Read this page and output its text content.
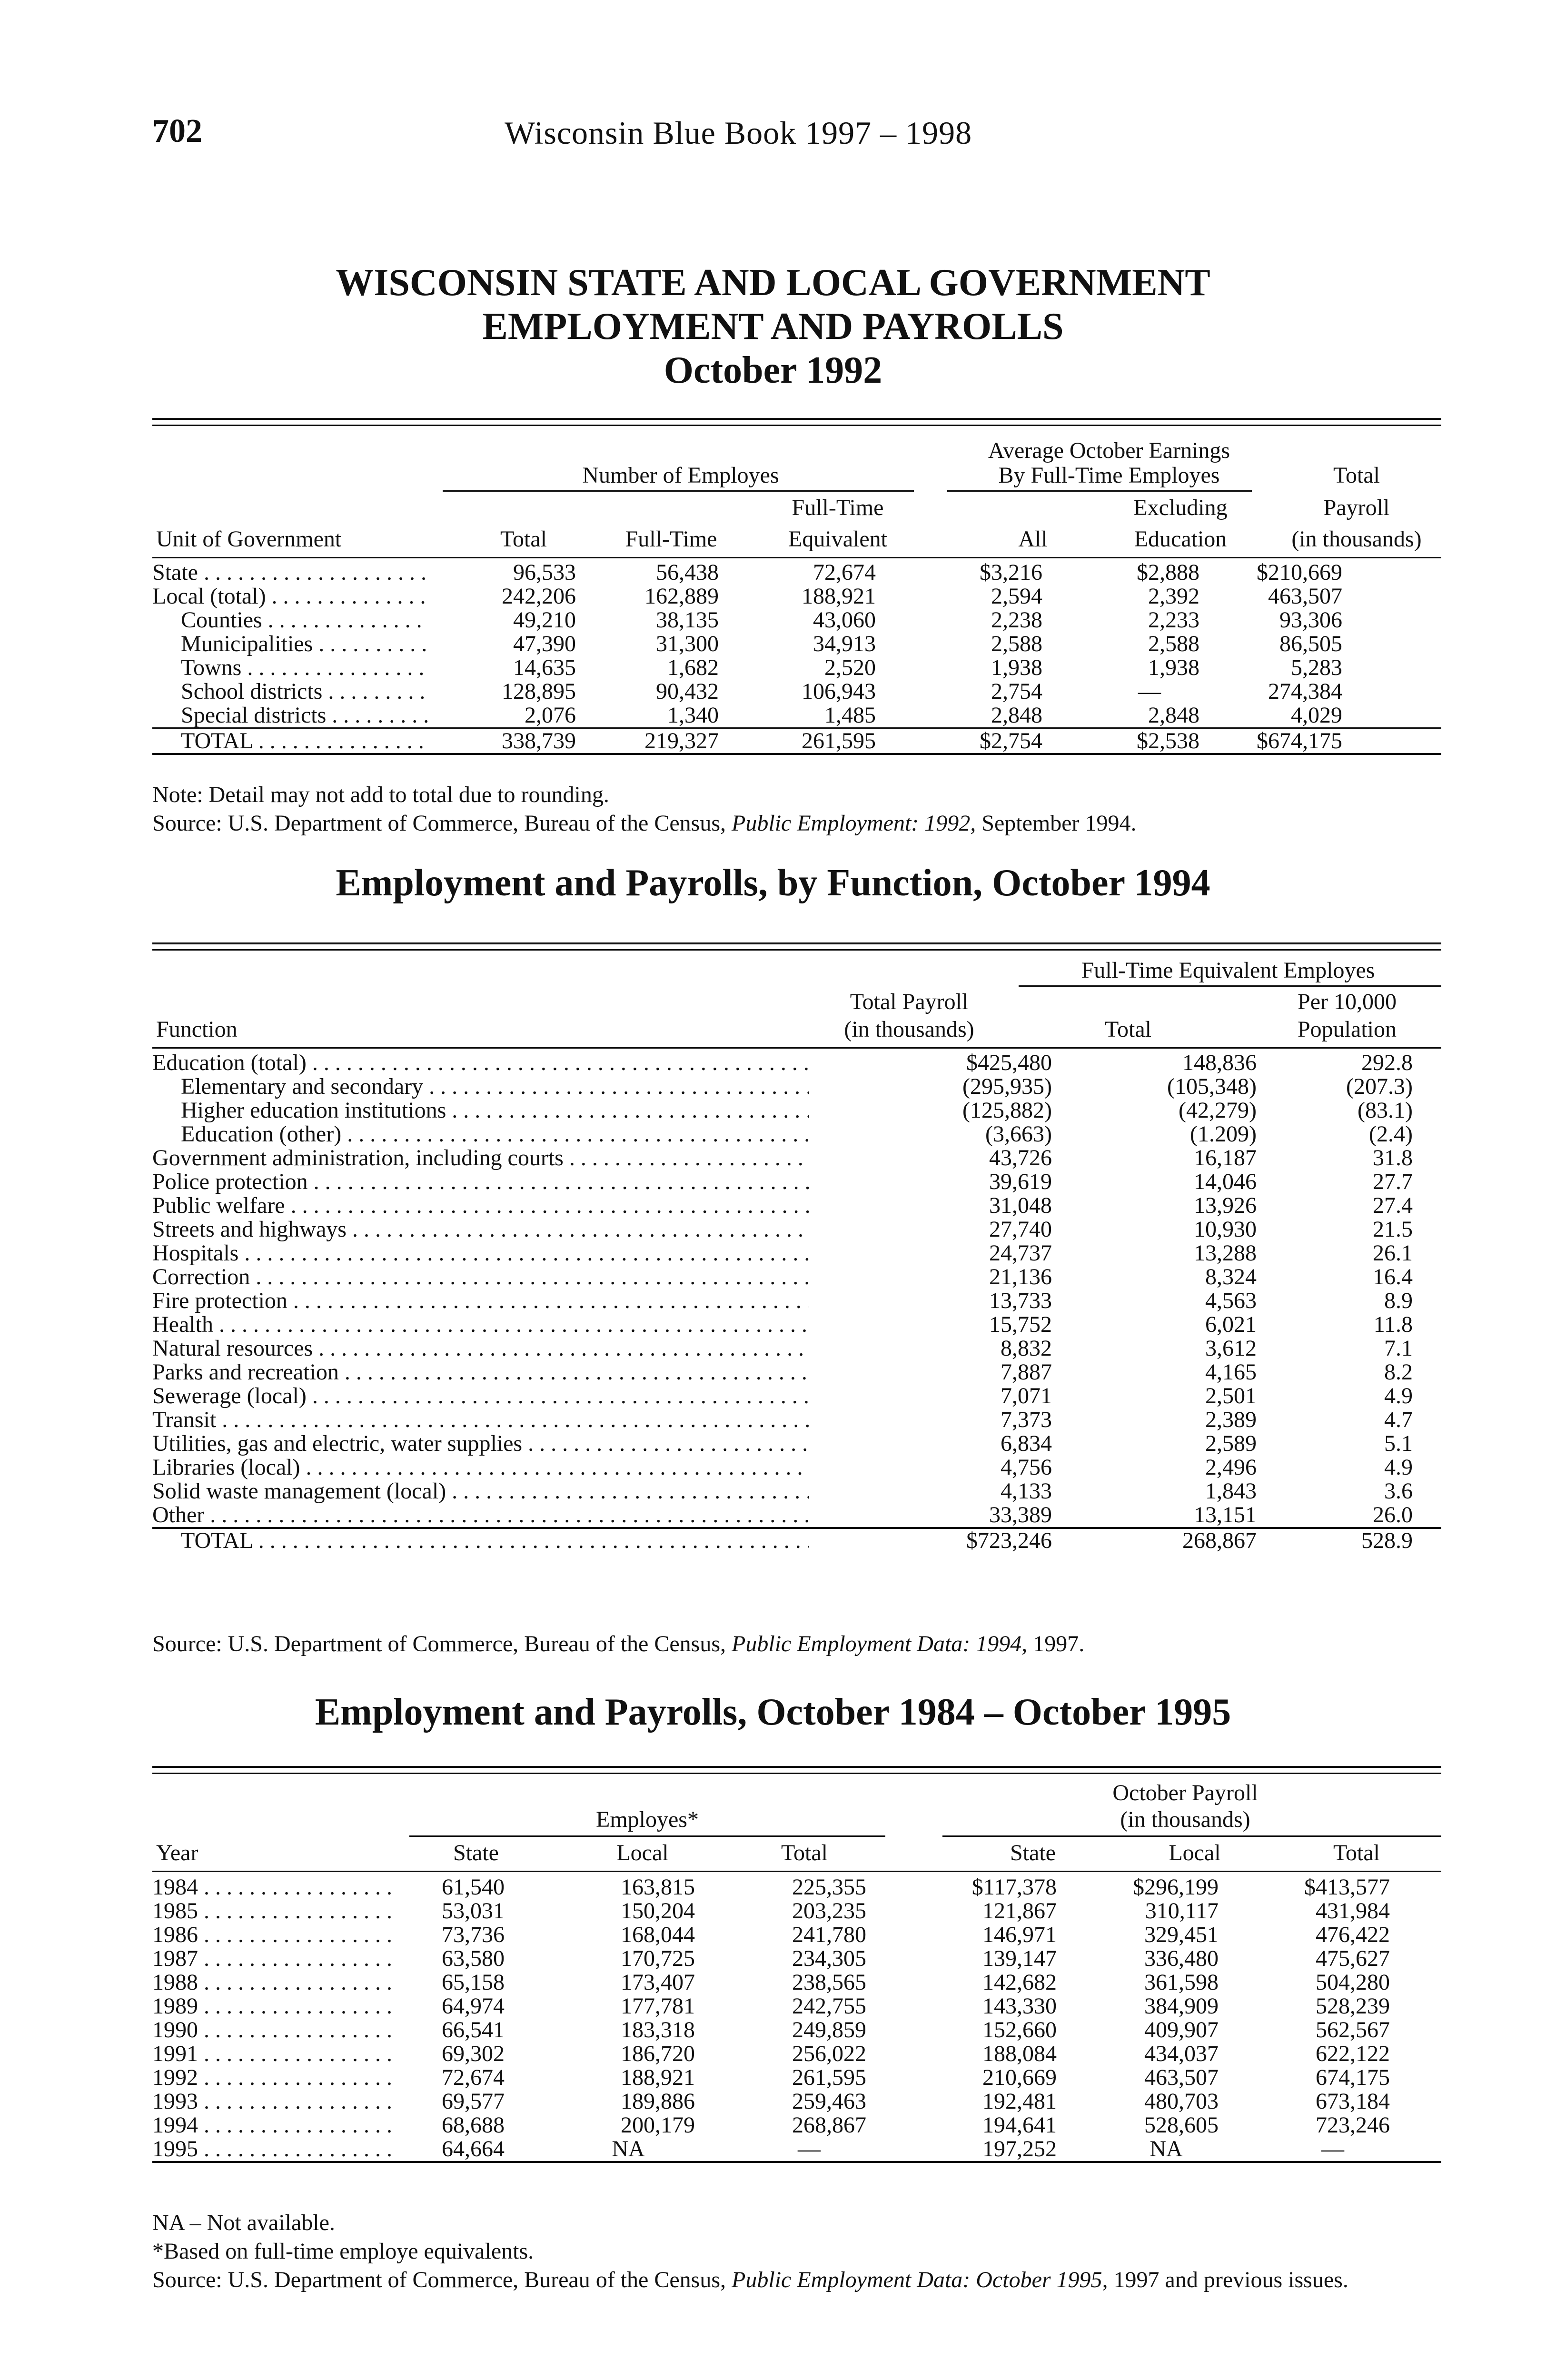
702	Wisconsin Blue Book 1997 – 1998
WISCONSIN STATE AND LOCAL GOVERNMENT
EMPLOYMENT AND PAYROLLS
October 1992
Average October Earnings
Number of Employes	By Full-Time Employes	Total
Full-Time	Excluding	Payroll
Unit of Government	Total	Full-Time	Equivalent	All	Education	(in thousands)
State . . .	96,533	56,438	72,674	$3,216	$2,888	$210,669	

Local (total) . . .	242,206	162,889	188,921	2,594	2,392	463,507	

Counties . . .	49,210	38,135	43,060	2,238	2,233	93,306	

Municipalities . . .	47,390	31,300	34,913	2,588	2,588	86,505	

Towns . . .	14,635	1,682	2,520	1,938	1,938	5,283	

School districts . . .	128,895	90,432	106,943	2,754	—	274,384	

Special districts . . .	2,076	1,340	1,485	2,848	2,848	4,029	

TOTAL . . .	338,739	219,327	261,595	$2,754	$2,538	$674,175	
Note: Detail may not add to total due to rounding.
Source: U.S. Department of Commerce, Bureau of the Census, Public Employment: 1992, September 1994.
Employment and Payrolls, by Function, October 1994
Full-Time Equivalent Employes
Total Payroll	Per 10,000
Function	(in thousands)	Total	Population
Education (total) . . .	$425,480	148,836	292.8

Elementary and secondary . . .	(295,935)	(105,348)	(207.3)

Higher education institutions . . .	(125,882)	(42,279)	(83.1)

Education (other) . . .	(3,663)	(1.209)	(2.4)

Government administration, including courts . . .	43,726	16,187	31.8

Police protection . . .	39,619	14,046	27.7

Public welfare . . .	31,048	13,926	27.4

Streets and highways . . .	27,740	10,930	21.5

Hospitals . . .	24,737	13,288	26.1

Correction . . .	21,136	8,324	16.4

Fire protection . . .	13,733	4,563	8.9

Health . . .	15,752	6,021	11.8

Natural resources . . .	8,832	3,612	7.1

Parks and recreation . . .	7,887	4,165	8.2

Sewerage (local) . . .	7,071	2,501	4.9

Transit . . .	7,373	2,389	4.7

Utilities, gas and electric, water supplies . . .	6,834	2,589	5.1

Libraries (local) . . .	4,756	2,496	4.9

Solid waste management (local) . . .	4,133	1,843	3.6

Other . . .	33,389	13,151	26.0

TOTAL . . .	$723,246	268,867	528.9
Source: U.S. Department of Commerce, Bureau of the Census, Public Employment Data: 1994, 1997.
Employment and Payrolls, October 1984 – October 1995
October Payroll
Employes*	(in thousands)
Year	State	Local	Total	State	Local	Total
1984 . . .	61,540	163,815	225,355	$117,378	$296,199	$413,577	

1985 . . .	53,031	150,204	203,235	121,867	310,117	431,984	

1986 . . .	73,736	168,044	241,780	146,971	329,451	476,422	

1987 . . .	63,580	170,725	234,305	139,147	336,480	475,627	

1988 . . .	65,158	173,407	238,565	142,682	361,598	504,280	

1989 . . .	64,974	177,781	242,755	143,330	384,909	528,239	

1990 . . .	66,541	183,318	249,859	152,660	409,907	562,567	

1991 . . .	69,302	186,720	256,022	188,084	434,037	622,122	

1992 . . .	72,674	188,921	261,595	210,669	463,507	674,175	

1993 . . .	69,577	189,886	259,463	192,481	480,703	673,184	

1994 . . .	68,688	200,179	268,867	194,641	528,605	723,246	

1995 . . .	64,664	NA	—	197,252	NA	—	
NA – Not available.
*Based on full-time employe equivalents.
Source: U.S. Department of Commerce, Bureau of the Census, Public Employment Data: October 1995, 1997 and previous issues.
